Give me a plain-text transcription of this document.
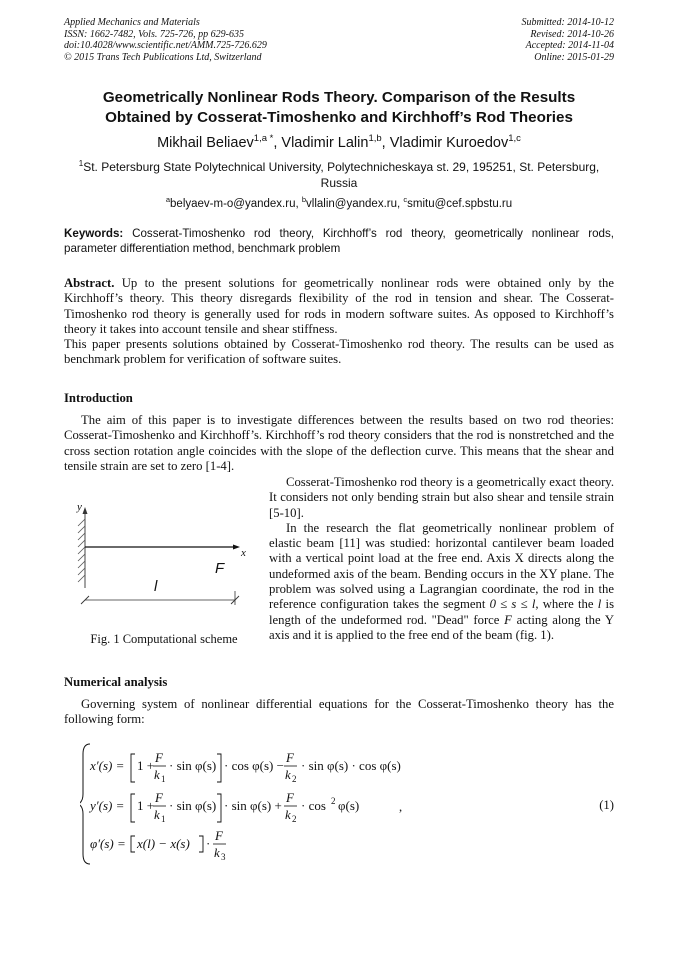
Applied Mechanics and Materials
ISSN: 1662-7482, Vols. 725-726, pp 629-635
doi:10.4028/www.scientific.net/AMM.725-726.629
© 2015 Trans Tech Publications Ltd, Switzerland
Submitted: 2014-10-12
Revised: 2014-10-26
Accepted: 2014-11-04
Online: 2015-01-29
Geometrically Nonlinear Rods Theory. Comparison of the Results
Obtained by Cosserat-Timoshenko and Kirchhoff’s Rod Theories
Mikhail Beliaev$^{1,a *}$, Vladimir Lalin$^{1,b}$, Vladimir Kuroedov$^{1,c}$
$^1$St. Petersburg State Polytechnical University, Polytechnicheskaya st. 29, 195251, St. Petersburg, Russia
$^a$belyaev-m-o@yandex.ru, $^b$vllalin@yandex.ru, $^c$smitu@cef.spbstu.ru
Keywords: Cosserat-Timoshenko rod theory, Kirchhoff’s rod theory, geometrically nonlinear rods, parameter differentiation method, benchmark problem

Abstract. Up to the present solutions for geometrically nonlinear rods were obtained only by the Kirchhoff’s theory. This theory disregards flexibility of the rod in tension and shear. The Cosserat-Timoshenko rod theory is generally used for rods in modern software suites. As opposed to Kirchhoff’s theory it takes into account tensile and shear stiffness.

This paper presents solutions obtained by Cosserat-Timoshenko rod theory. The results can be used as benchmark problem for verification of software suites.

Introduction

The aim of this paper is to investigate differences between the results based on two rod theories: Cosserat-Timoshenko and Kirchhoff’s. Kirchhoff’s rod theory considers that the rod is nonstretched and the cross section rotation angle coincides with the slope of the deflection curve. This means that the shear and tensile strain are set to zero [1-4].

y
x
F
l
Fig. 1 Computational scheme

Cosserat-Timoshenko rod theory is a geometrically exact theory. It considers not only bending strain but also shear and tensile strain [5-10].

In the research the flat geometrically nonlinear problem of elastic beam [11] was studied: horizontal cantilever beam loaded with a vertical point load at the free end. Axis X directs along the undeformed axis of the beam. Bending occurs in the XY plane. The problem was solved using a Lagrangian coordinate, the rod in the reference configuration takes the segment 0 ≤ s ≤ l, where the l is length of the undeformed rod. "Dead" force F acting along the Y axis and it is applied to the free end of the beam (fig. 1).

Numerical analysis

Governing system of nonlinear differential equations for the Cosserat-Timoshenko theory has the following form:

x′(s) = 1 +
F
k 1
· sin φ(s) · cos φ(s) −
F
k 2
· sin φ(s) · cos φ(s)
y′(s) = 1 +
F
k 1
· sin φ(s) · sin φ(s) +
F
k 2
· cos 2 φ(s)
φ′(s) = x(l) − x(s) ·
F
k 3
,	(1)
